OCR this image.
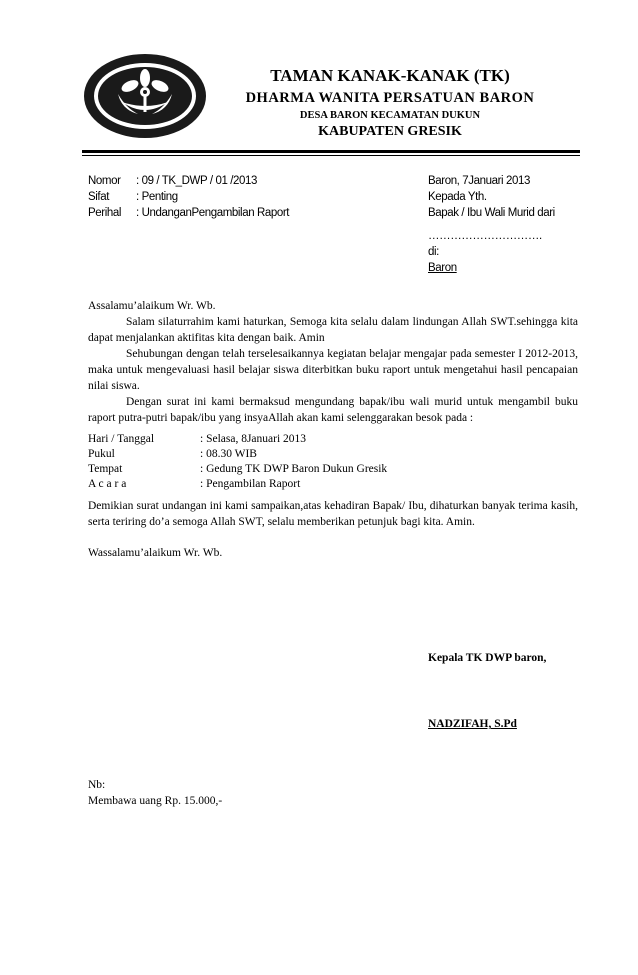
TAMAN KANAK-KANAK (TK)
DHARMA WANITA PERSATUAN BARON
DESA BARON KECAMATAN DUKUN
KABUPATEN GRESIK
Nomor : 09 / TK_DWP / 01 /2013
Sifat : Penting
Perihal : UndanganPengambilan Raport
Baron, 7Januari 2013
Kepada Yth.
Bapak / Ibu Wali Murid dari
………………………….
di:
Baron

Assalamu’alaikum Wr. Wb.

Salam silaturrahim kami haturkan, Semoga kita selalu dalam lindungan Allah SWT.sehingga kita dapat menjalankan aktifitas kita dengan baik. Amin

Sehubungan dengan telah terselesaikannya kegiatan belajar mengajar pada semester I 2012-2013, maka untuk mengevaluasi hasil belajar siswa diterbitkan buku raport untuk mengetahui hasil pencapaian nilai siswa.

Dengan surat ini kami bermaksud mengundang bapak/ibu wali murid untuk mengambil buku raport putra-putri bapak/ibu yang insyaAllah akan kami selenggarakan besok pada :

Hari / Tanggal	: Selasa, 8Januari 2013
Pukul	: 08.30 WIB
Tempat	: Gedung TK DWP Baron Dukun Gresik
A c a r a	: Pengambilan Raport

Demikian surat undangan ini kami sampaikan,atas kehadiran Bapak/ Ibu, dihaturkan banyak terima kasih, serta teriring do’a semoga Allah SWT, selalu memberikan petunjuk bagi kita. Amin.

Wassalamu’alaikum Wr. Wb.

Kepala TK DWP baron,
NADZIFAH, S.Pd

Nb:

Membawa uang Rp. 15.000,-
